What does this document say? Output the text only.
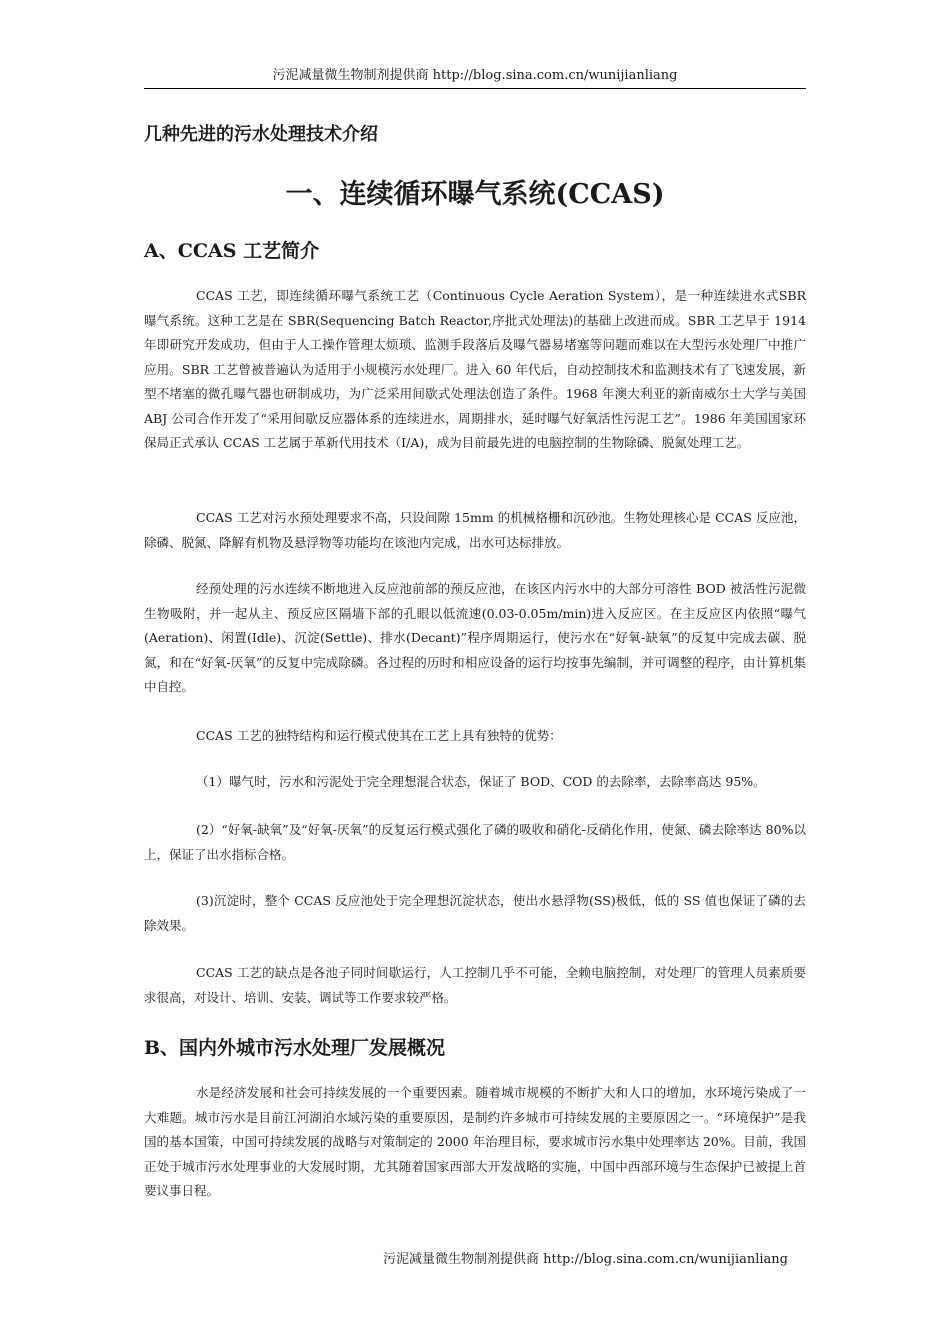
污泥减量微生物制剂提供商 http://blog.sina.com.cn/wunijianliang
几种先进的污水处理技术介绍
一、连续循环曝气系统(CCAS)
A、CCAS 工艺简介

CCAS 工艺，即连续循环曝气系统工艺（Continuous Cycle Aeration System），是一种连续进水式SBR 曝气系统。这种工艺是在 SBR(Sequencing Batch Reactor,序批式处理法)的基础上改进而成。SBR 工艺早于 1914 年即研究开发成功，但由于人工操作管理太烦琐、监测手段落后及曝气器易堵塞等问题而难以在大型污水处理厂中推广应用。SBR 工艺曾被普遍认为适用于小规模污水处理厂。进入 60 年代后，自动控制技术和监测技术有了飞速发展，新型不堵塞的微孔曝气器也研制成功，为广泛采用间歇式处理法创造了条件。1968 年澳大利亚的新南威尔士大学与美国 ABJ 公司合作开发了“采用间歇反应器体系的连续进水，周期排水，延时曝气好氧活性污泥工艺”。1986 年美国国家环保局正式承认 CCAS 工艺属于革新代用技术（I/A)，成为目前最先进的电脑控制的生物除磷、脱氮处理工艺。

CCAS 工艺对污水预处理要求不高，只设间隙 15mm 的机械格栅和沉砂池。生物处理核心是 CCAS 反应池，除磷、脱氮、降解有机物及悬浮物等功能均在该池内完成，出水可达标排放。

经预处理的污水连续不断地进入反应池前部的预反应池，在该区内污水中的大部分可溶性 BOD 被活性污泥微生物吸附，并一起从主、预反应区隔墙下部的孔眼以低流速(0.03-0.05m/min)进入反应区。在主反应区内依照“曝气(Aeration)、闲置(Idle)、沉淀(Settle)、排水(Decant)”程序周期运行，使污水在“好氧-缺氧”的反复中完成去碳、脱氮，和在“好氧-厌氧”的反复中完成除磷。各过程的历时和相应设备的运行均按事先编制，并可调整的程序，由计算机集中自控。

CCAS 工艺的独特结构和运行模式使其在工艺上具有独特的优势：

（1）曝气时，污水和污泥处于完全理想混合状态，保证了 BOD、COD 的去除率，去除率高达 95%。

(2）“好氧-缺氧”及“好氧-厌氧”的反复运行模式强化了磷的吸收和硝化-反硝化作用，使氮、磷去除率达 80%以上，保证了出水指标合格。

(3)沉淀时，整个 CCAS 反应池处于完全理想沉淀状态，使出水悬浮物(SS)极低，低的 SS 值也保证了磷的去除效果。

CCAS 工艺的缺点是各池子同时间歇运行，人工控制几乎不可能，全赖电脑控制，对处理厂的管理人员素质要求很高，对设计、培训、安装、调试等工作要求较严格。

B、国内外城市污水处理厂发展概况

水是经济发展和社会可持续发展的一个重要因素。随着城市规模的不断扩大和人口的增加，水环境污染成了一大难题。城市污水是目前江河湖泊水域污染的重要原因，是制约许多城市可持续发展的主要原因之一。“环境保护”是我国的基本国策，中国可持续发展的战略与对策制定的 2000 年治理目标，要求城市污水集中处理率达 20%。目前，我国正处于城市污水处理事业的大发展时期，尤其随着国家西部大开发战略的实施，中国中西部环境与生态保护已被提上首要议事日程。

污泥减量微生物制剂提供商 http://blog.sina.com.cn/wunijianliang
